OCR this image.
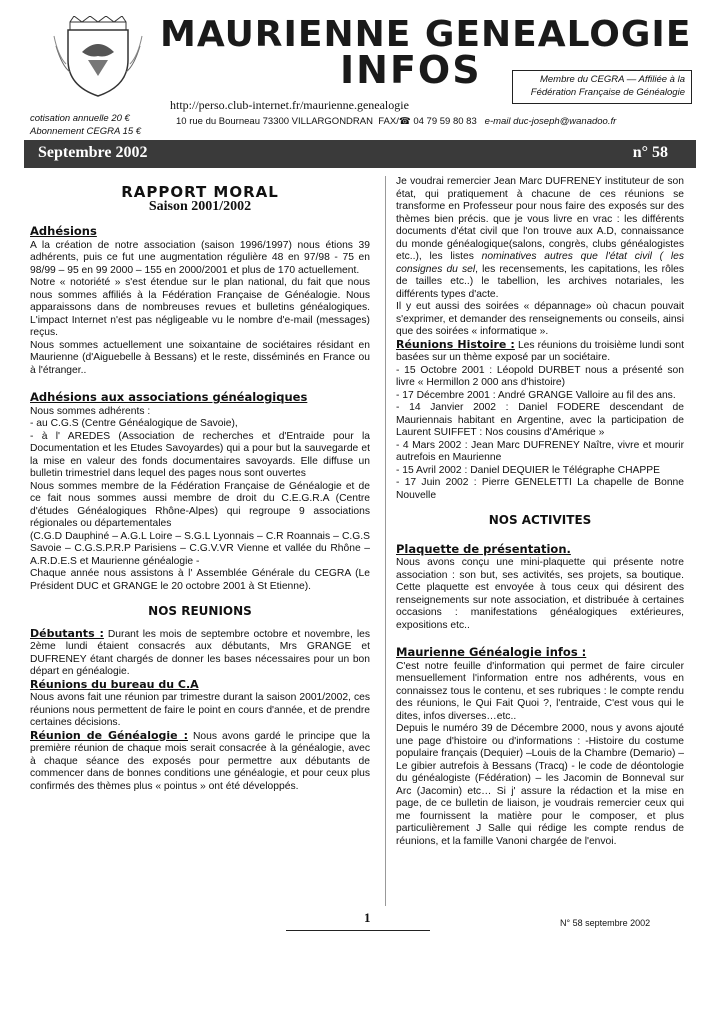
MAURIENNE GENEALOGIE
INFOS	Membre du CEGRA — Affiliée à la
Fédération Française de Généalogie
http://perso.club-internet.fr/maurienne.genealogie
cotisation annuelle 20 €
Abonnement CEGRA 15 €
10 rue du Bourneau 73300 VILLARGONDRAN FAX/☎ 04 79 59 80 83 e-mail duc-joseph@wanadoo.fr
Septembre 2002	n° 58
RAPPORT MORAL
Saison 2001/2002
Adhésions

A la création de notre association (saison 1996/1997) nous étions 39 adhérents, puis ce fut une augmentation régulière 48 en 97/98 - 75 en 98/99 – 95 en 99 2000 – 155 en 2000/2001 et plus de 170 actuellement.

Notre « notoriété » s'est étendue sur le plan national, du fait que nous nous sommes affiliés à la Fédération Française de Généalogie. Nous apparaissons dans de nombreuses revues et bulletins généalogiques. L'impact Internet n'est pas négligeable vu le nombre d'e-mail (messages) reçus.

Nous sommes actuellement une soixantaine de sociétaires résidant en Maurienne (d'Aiguebelle à Bessans) et le reste, disséminés en France ou à l'étranger..

Adhésions aux associations généalogiques

Nous sommes adhérents :

- au C.G.S (Centre Généalogique de Savoie),

- à l' AREDES (Association de recherches et d'Entraide pour la Documentation et les Etudes Savoyardes) qui a pour but la sauvegarde et la mise en valeur des fonds documentaires savoyards. Elle diffuse un bulletin trimestriel dans lequel des pages nous sont ouvertes

Nous sommes membre de la Fédération Française de Généalogie et de ce fait nous sommes aussi membre de droit du C.E.G.R.A (Centre d'études Généalogiques Rhône-Alpes) qui regroupe 9 associations régionales ou départementales

(C.G.D Dauphiné – A.G.L Loire – S.G.L Lyonnais – C.R Roannais – C.G.S Savoie – C.G.S.P.R.P Parisiens – C.G.V.VR Vienne et vallée du Rhône – A.R.D.E.S et Maurienne généalogie -

Chaque année nous assistons à l' Assemblée Générale du CEGRA (Le Président DUC et GRANGE le 20 octobre 2001 à St Etienne).

NOS REUNIONS

Débutants : Durant les mois de septembre octobre et novembre, les 2ème lundi étaient consacrés aux débutants, Mrs GRANGE et DUFRENEY étant chargés de donner les bases nécessaires pour un bon départ en généalogie.

Réunions du bureau du C.A

Nous avons fait une réunion par trimestre durant la saison 2001/2002, ces réunions nous permettent de faire le point en cours d'année, et de prendre certaines décisions.

Réunion de Généalogie : Nous avons gardé le principe que la première réunion de chaque mois serait consacrée à la généalogie, avec à chaque séance des exposés pour permettre aux débutants de commencer dans de bonnes conditions une généalogie, et pour ceux plus confirmés des thèmes plus « pointus » ont été développés.

Je voudrai remercier Jean Marc DUFRENEY instituteur de son état, qui pratiquement à chacune de ces réunions se transforme en Professeur pour nous faire des exposés sur des thèmes bien précis. que je vous livre en vrac : les différents documents d'état civil que l'on trouve aux A.D, connaissance du monde généalogique(salons, congrès, clubs généalogistes etc..), les listes nominatives autres que l'état civil ( les consignes du sel, les recensements, les capitations, les rôles de tailles etc..) le tabellion, les archives notariales, les différents types d'acte.

Il y eut aussi des soirées « dépannage» où chacun pouvait s'exprimer, et demander des renseignements ou conseils, ainsi que des soirées « informatique ».

Réunions Histoire : Les réunions du troisième lundi sont basées sur un thème exposé par un sociétaire.

- 15 Octobre 2001 : Léopold DURBET nous a présenté son livre « Hermillon 2 000 ans d'histoire)

- 17 Décembre 2001 : André GRANGE Valloire au fil des ans.

- 14 Janvier 2002 : Daniel FODERE descendant de Mauriennais habitant en Argentine, avec la participation de Laurent SUIFFET : Nos cousins d'Amérique »

- 4 Mars 2002 : Jean Marc DUFRENEY Naître, vivre et mourir autrefois en Maurienne

- 15 Avril 2002 : Daniel DEQUIER le Télégraphe CHAPPE

- 17 Juin 2002 : Pierre GENELETTI La chapelle de Bonne Nouvelle

NOS ACTIVITES
Plaquette de présentation.

Nous avons conçu une mini-plaquette qui présente notre association : son but, ses activités, ses projets, sa boutique. Cette plaquette est envoyée à tous ceux qui désirent des renseignements sur note association, et distribuée à certaines occasions : manifestations généalogiques extérieures, expositions etc..

Maurienne Généalogie infos :

C'est notre feuille d'information qui permet de faire circuler mensuellement l'information entre nos adhérents, vous en connaissez tous le contenu, et ses rubriques : le compte rendu des réunions, le Qui Fait Quoi ?, l'entraide, C'est vous qui le dites, infos diverses…etc..

Depuis le numéro 39 de Décembre 2000, nous y avons ajouté une page d'histoire ou d'informations : -Histoire du costume populaire français (Dequier) –Louis de la Chambre (Demario) – Le gibier autrefois à Bessans (Tracq) - le code de déontologie du généalogiste (Fédération) – les Jacomin de Bonneval sur Arc (Jacomin) etc… Si j' assure la rédaction et la mise en page, de ce bulletin de liaison, je voudrais remercier ceux qui me fournissent la matière pour le composer, et plus particulièrement J Salle qui rédige les compte rendus de réunions, et la famille Vanoni chargée de l'envoi.

1	N° 58 septembre 2002
